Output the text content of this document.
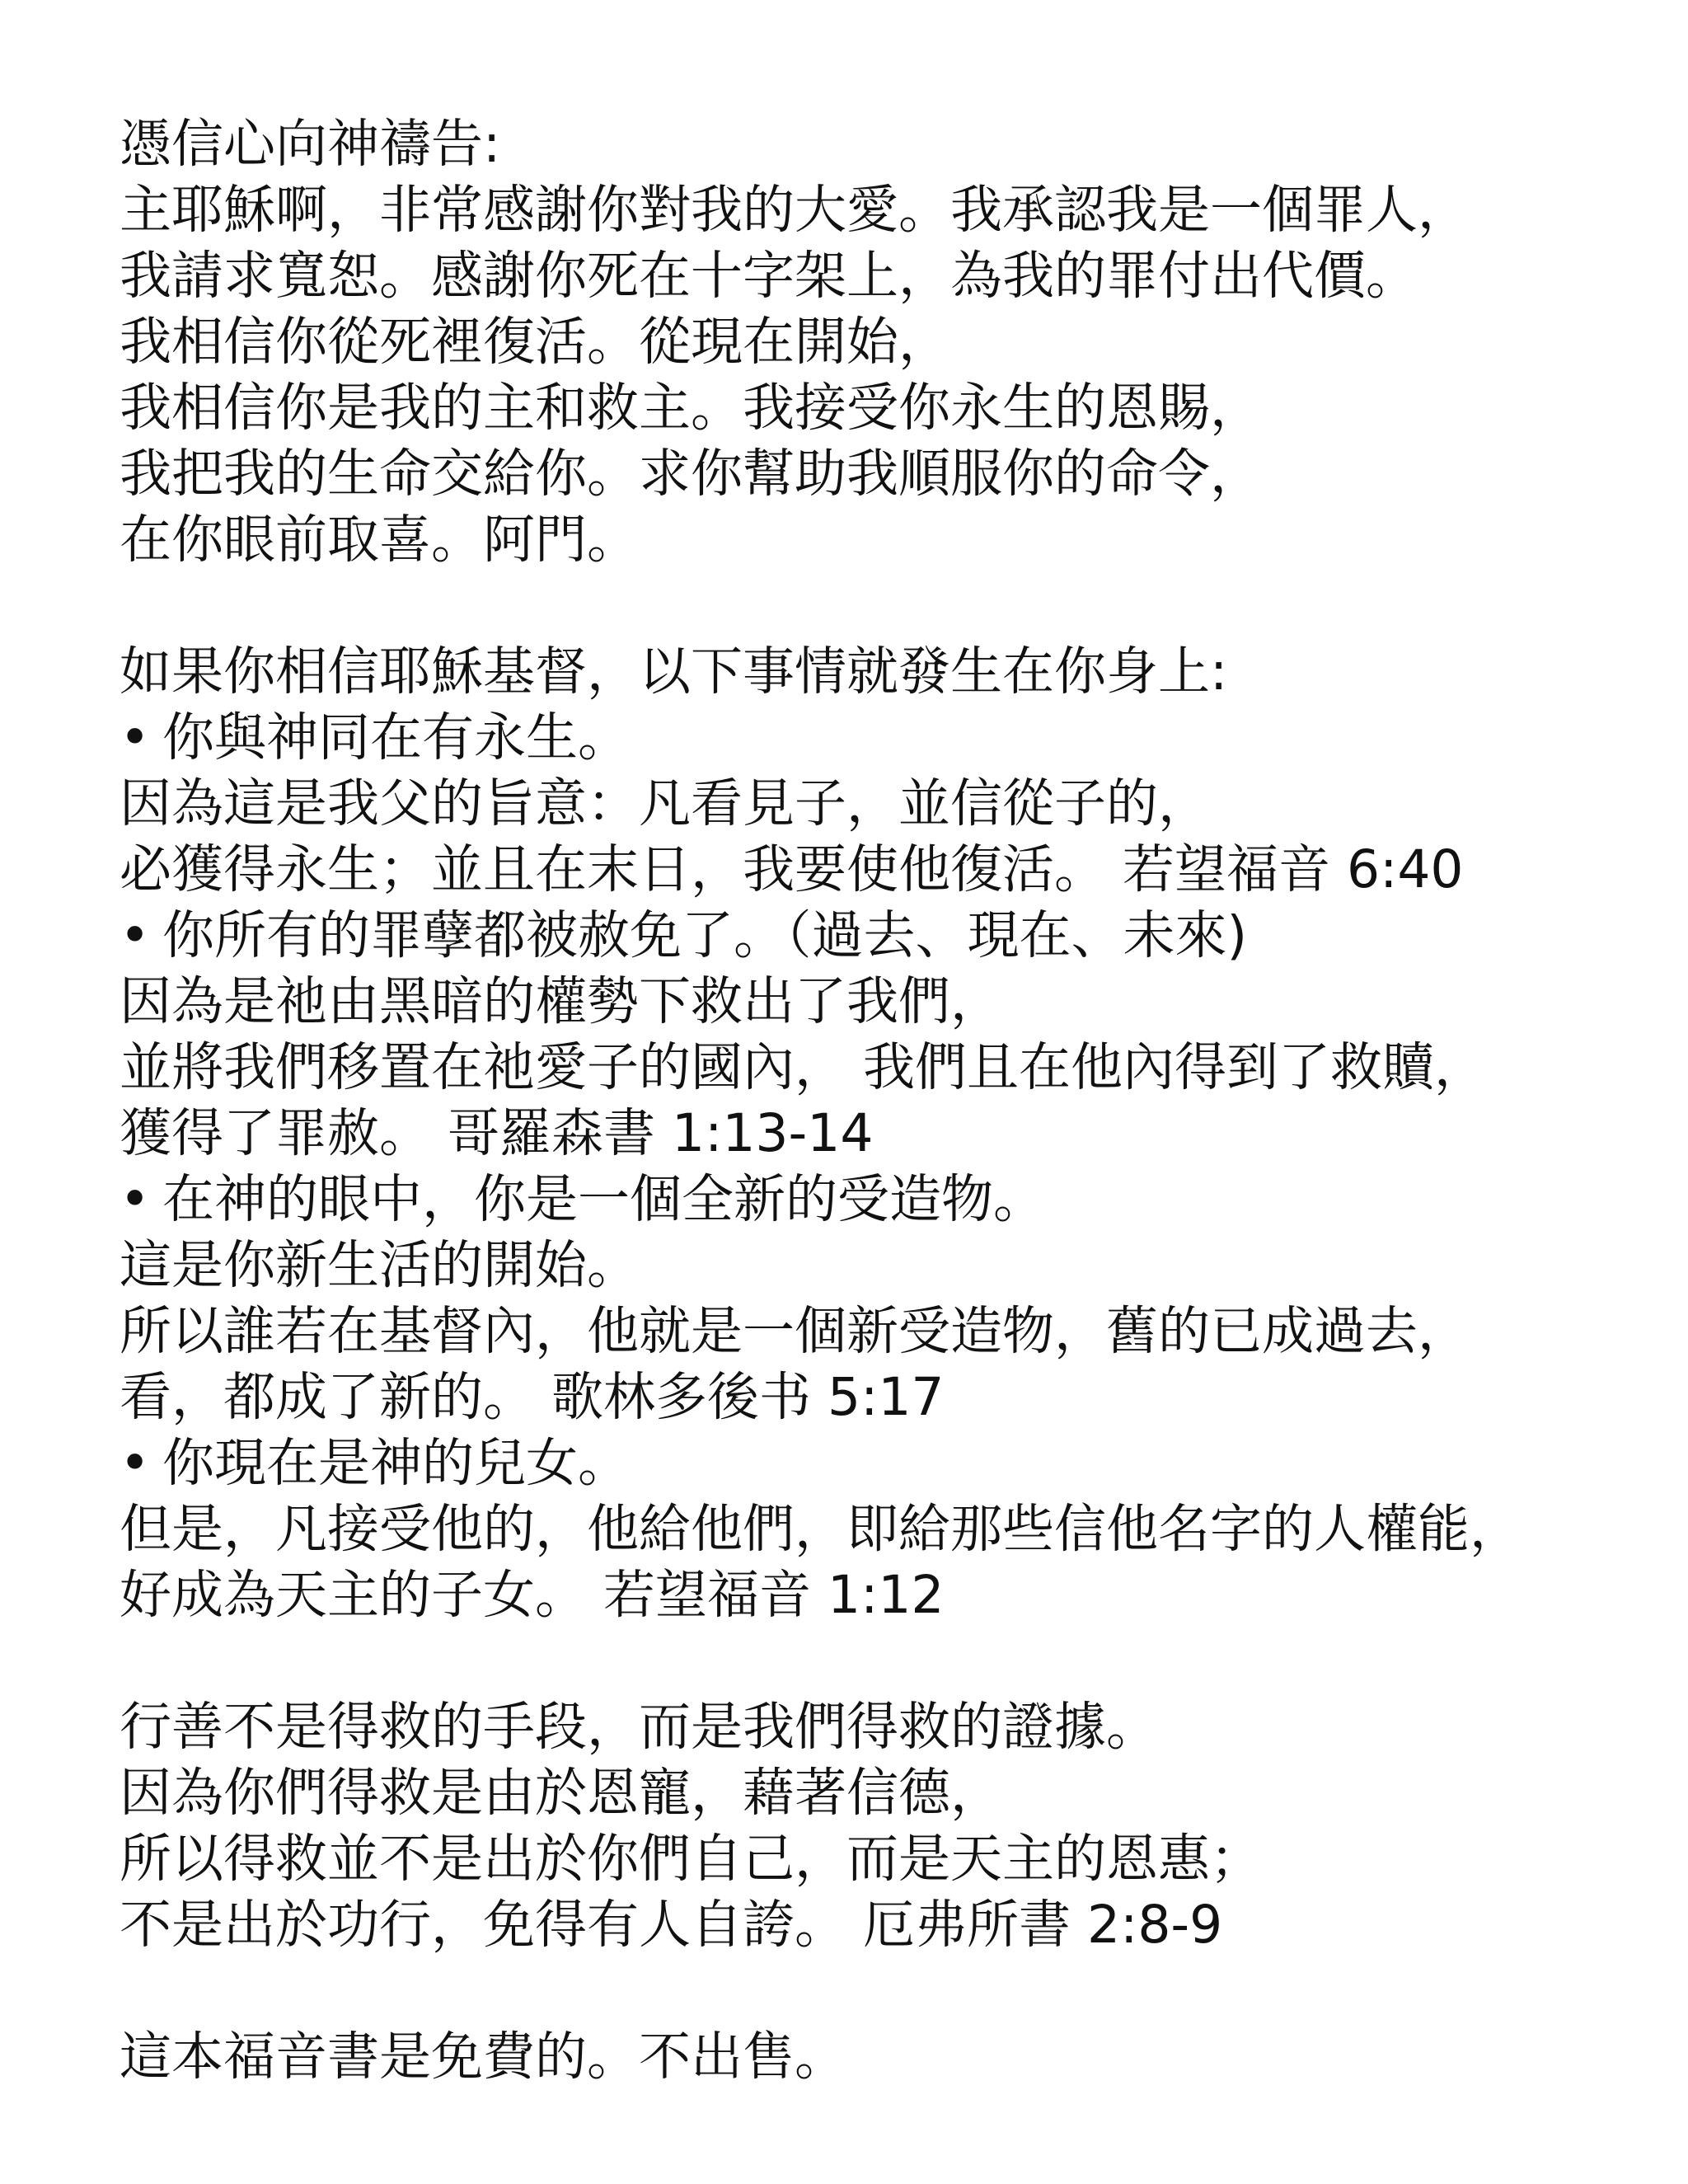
憑信心向神禱告:
主耶穌啊，非常感謝你對我的大愛。我承認我是一個罪人，
我請求寬恕。感謝你死在十字架上，為我的罪付出代價。
我相信你從死裡復活。從現在開始，
我相信你是我的主和救主。我接受你永生的恩賜，
我把我的生命交給你。求你幫助我順服你的命令，
在你眼前取喜。阿門。
如果你相信耶穌基督，以下事情就發生在你身上:
• 你與神同在有永生。
因為這是我父的旨意：凡看見子，並信從子的，
必獲得永生；並且在末日，我要使他復活。 若望福音 6:40
• 你所有的罪孽都被赦免了。（過去、現在、未來)
因為是祂由黑暗的權勢下救出了我們，
並將我們移置在祂愛子的國內， 我們且在他內得到了救贖，
獲得了罪赦。 哥羅森書 1:13-14
• 在神的眼中，你是一個全新的受造物。
這是你新生活的開始。
所以誰若在基督內，他就是一個新受造物，舊的已成過去，
看，都成了新的。 歌林多後书 5:17
• 你現在是神的兒女。
但是，凡接受他的，他給他們，即給那些信他名字的人權能，
好成為天主的子女。 若望福音 1:12
行善不是得救的手段，而是我們得救的證據。
因為你們得救是由於恩寵，藉著信德，
所以得救並不是出於你們自己，而是天主的恩惠；
不是出於功行，免得有人自誇。 厄弗所書 2:8-9
這本福音書是免費的。不出售。
